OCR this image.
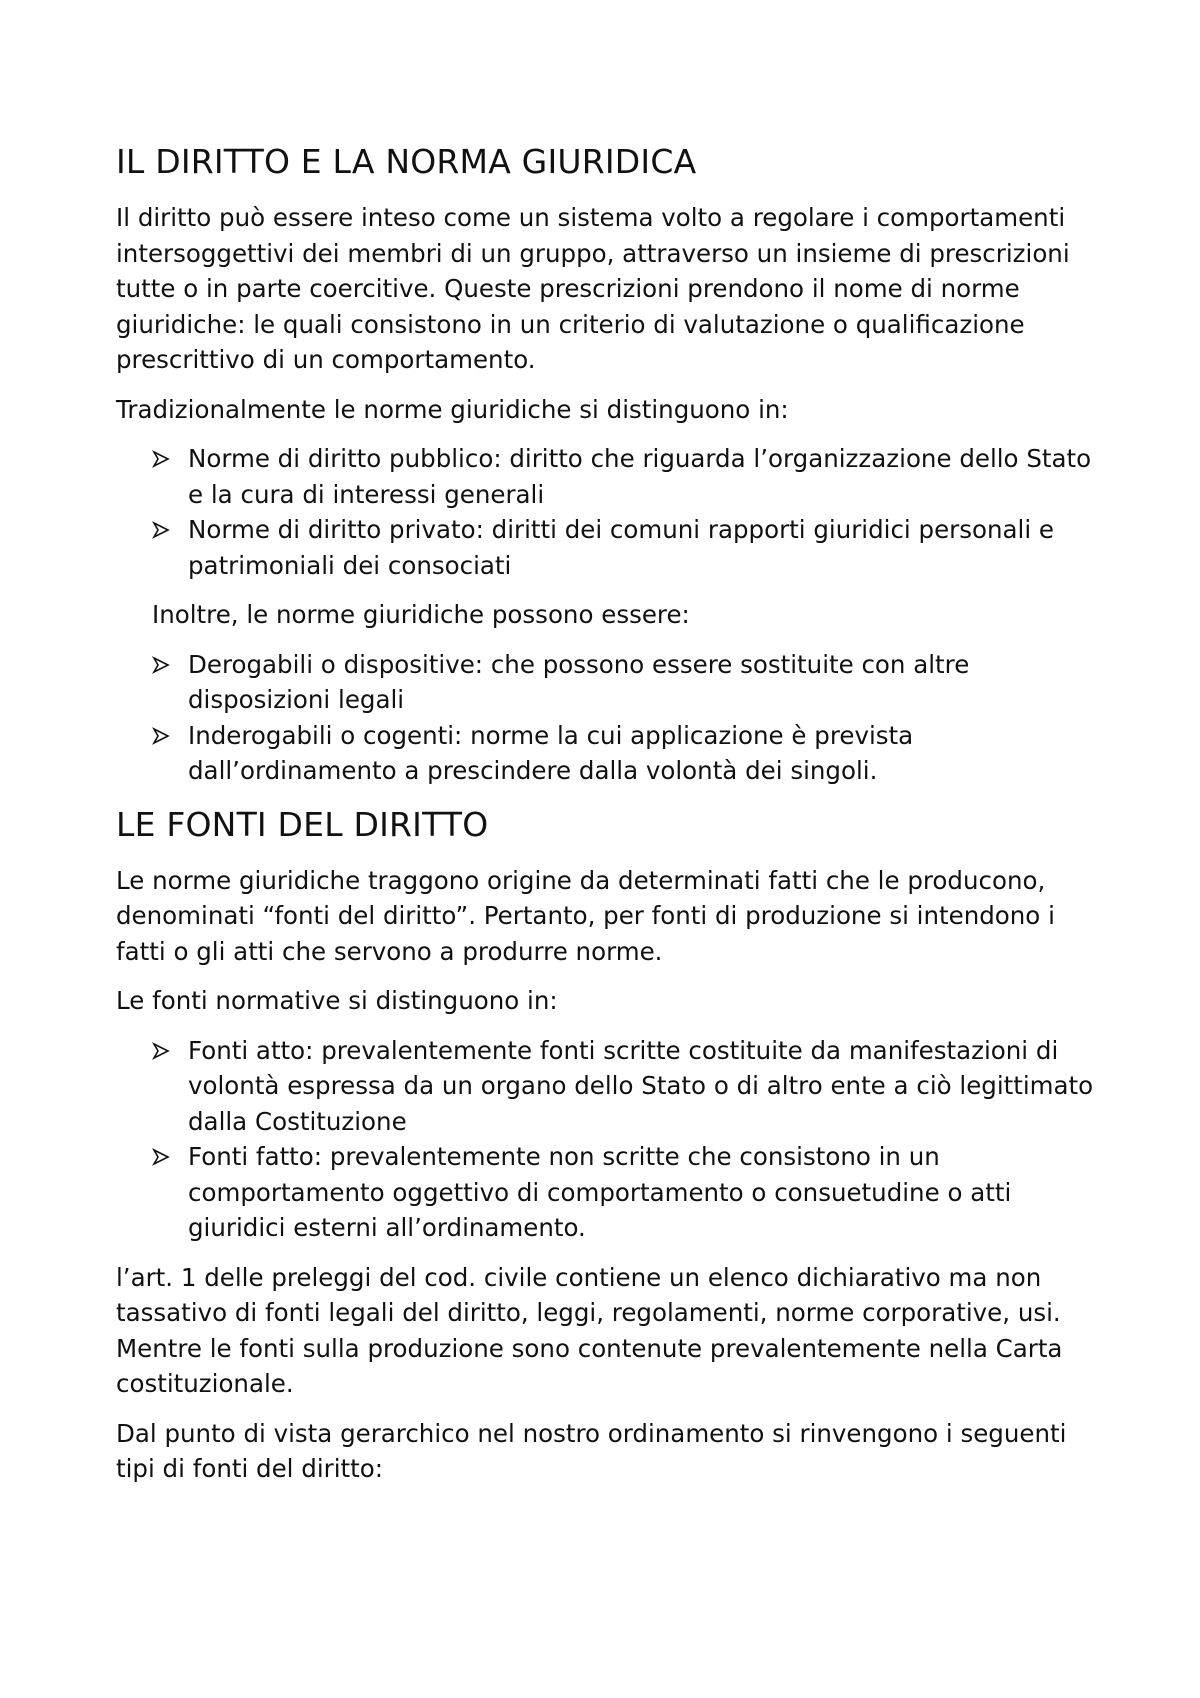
IL DIRITTO E LA NORMA GIURIDICA

Il diritto può essere inteso come un sistema volto a regolare i comportamenti intersoggettivi dei membri di un gruppo, attraverso un insieme di prescrizioni tutte o in parte coercitive. Queste prescrizioni prendono il nome di norme giuridiche: le quali consistono in un criterio di valutazione o qualificazione prescrittivo di un comportamento.

Tradizionalmente le norme giuridiche si distinguono in:

Norme di diritto pubblico: diritto che riguarda l’organizzazione dello Stato e la cura di interessi generali
Norme di diritto privato: diritti dei comuni rapporti giuridici personali e patrimoniali dei consociati

Inoltre, le norme giuridiche possono essere:

Derogabili o dispositive: che possono essere sostituite con altre disposizioni legali
Inderogabili o cogenti: norme la cui applicazione è prevista dall’ordinamento a prescindere dalla volontà dei singoli.
LE FONTI DEL DIRITTO

Le norme giuridiche traggono origine da determinati fatti che le producono, denominati “fonti del diritto”. Pertanto, per fonti di produzione si intendono i fatti o gli atti che servono a produrre norme.

Le fonti normative si distinguono in:

Fonti atto: prevalentemente fonti scritte costituite da manifestazioni di volontà espressa da un organo dello Stato o di altro ente a ciò legittimato dalla Costituzione
Fonti fatto: prevalentemente non scritte che consistono in un comportamento oggettivo di comportamento o consuetudine o atti giuridici esterni all’ordinamento.

l’art. 1 delle preleggi del cod. civile contiene un elenco dichiarativo ma non tassativo di fonti legali del diritto, leggi, regolamenti, norme corporative, usi. Mentre le fonti sulla produzione sono contenute prevalentemente nella Carta costituzionale.

Dal punto di vista gerarchico nel nostro ordinamento si rinvengono i seguenti tipi di fonti del diritto:
